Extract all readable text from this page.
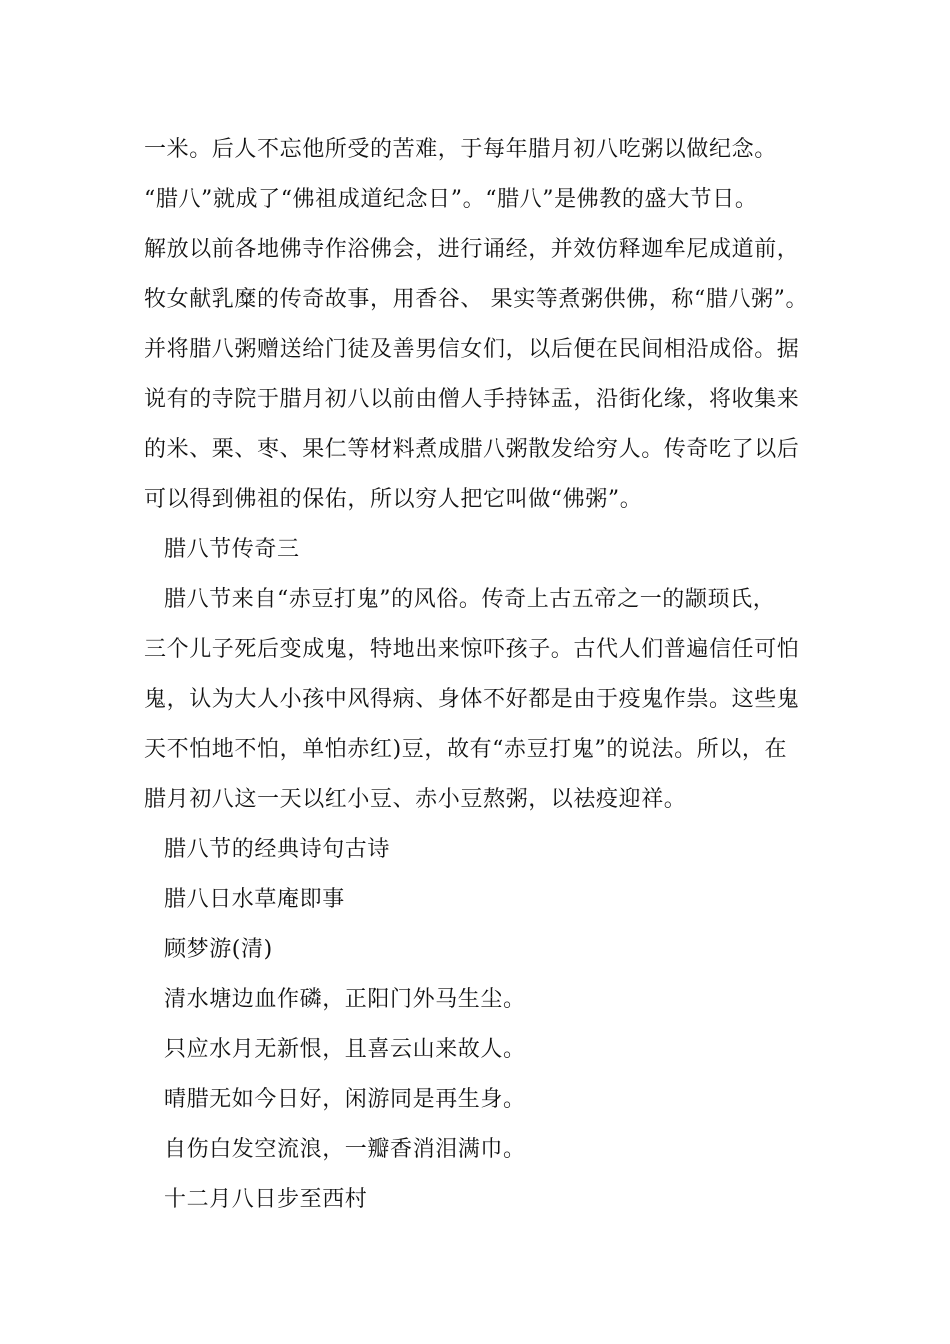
一米。后人不忘他所受的苦难，于每年腊月初八吃粥以做纪念。
“腊八”就成了“佛祖成道纪念日”。“腊八”是佛教的盛大节日。
解放以前各地佛寺作浴佛会，进行诵经，并效仿释迦牟尼成道前，
牧女献乳糜的传奇故事，用香谷、 果实等煮粥供佛，称“腊八粥”。
并将腊八粥赠送给门徒及善男信女们，以后便在民间相沿成俗。据
说有的寺院于腊月初八以前由僧人手持钵盂，沿街化缘，将收集来
的米、栗、枣、果仁等材料煮成腊八粥散发给穷人。传奇吃了以后
可以得到佛祖的保佑，所以穷人把它叫做“佛粥”。
腊八节传奇三
腊八节来自“赤豆打鬼”的风俗。传奇上古五帝之一的颛顼氏，
三个儿子死后变成鬼，特地出来惊吓孩子。古代人们普遍信任可怕
鬼，认为大人小孩中风得病、身体不好都是由于疫鬼作祟。这些鬼
天不怕地不怕，单怕赤红)豆，故有“赤豆打鬼”的说法。所以，在
腊月初八这一天以红小豆、赤小豆熬粥，以祛疫迎祥。
腊八节的经典诗句古诗
腊八日水草庵即事
顾梦游(清)
清水塘边血作磷，正阳门外马生尘。
只应水月无新恨，且喜云山来故人。
晴腊无如今日好，闲游同是再生身。
自伤白发空流浪，一瓣香消泪满巾。
十二月八日步至西村
